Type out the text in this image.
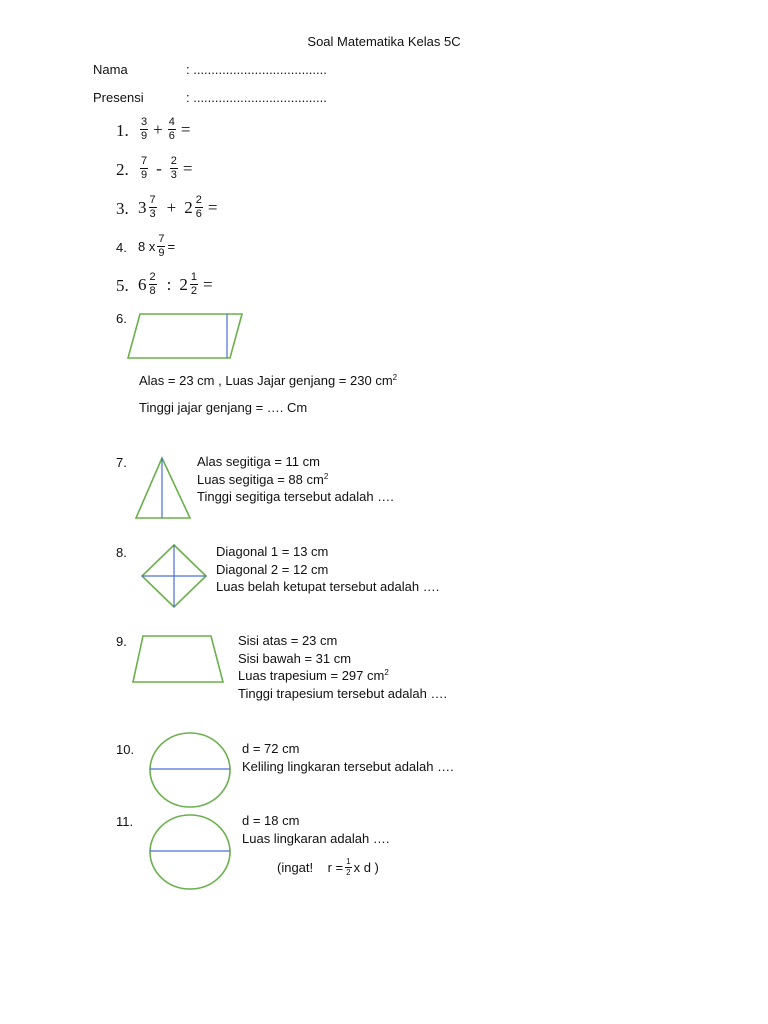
Soal Matematika Kelas 5C
Nama	: .....................................
Presensi	: .....................................
1. $\frac{3}{9} + \frac{4}{6}$ =
2. $\frac{7}{9} - \frac{2}{3}$ =
3. $3 \frac{7}{3} + 2 \frac{2}{6}$ =
4. 8 x $\frac{7}{9}$ =
5. $6 \frac{2}{8}$ : $2 \frac{1}{2}$ =
6.
Alas = 23 cm , Luas Jajar genjang = 230 $cm^2$
Tinggi jajar genjang = …. Cm
7.	Alas segitiga = 11 cm
Luas segitiga = 88 $cm^2$
Tinggi segitiga tersebut adalah ….
8.	Diagonal 1 = 13 cm
Diagonal 2 = 12 cm
Luas belah ketupat tersebut adalah ….
9.	Sisi atas = 23 cm
Sisi bawah = 31 cm
Luas trapesium = 297 $cm^2$
Tinggi trapesium tersebut adalah ….
10.	d = 72 cm
Keliling lingkaran tersebut adalah ….
11.	d = 18 cm
Luas lingkaran adalah ….
(ingat!    $r = \frac{1}{2}$ x d )
